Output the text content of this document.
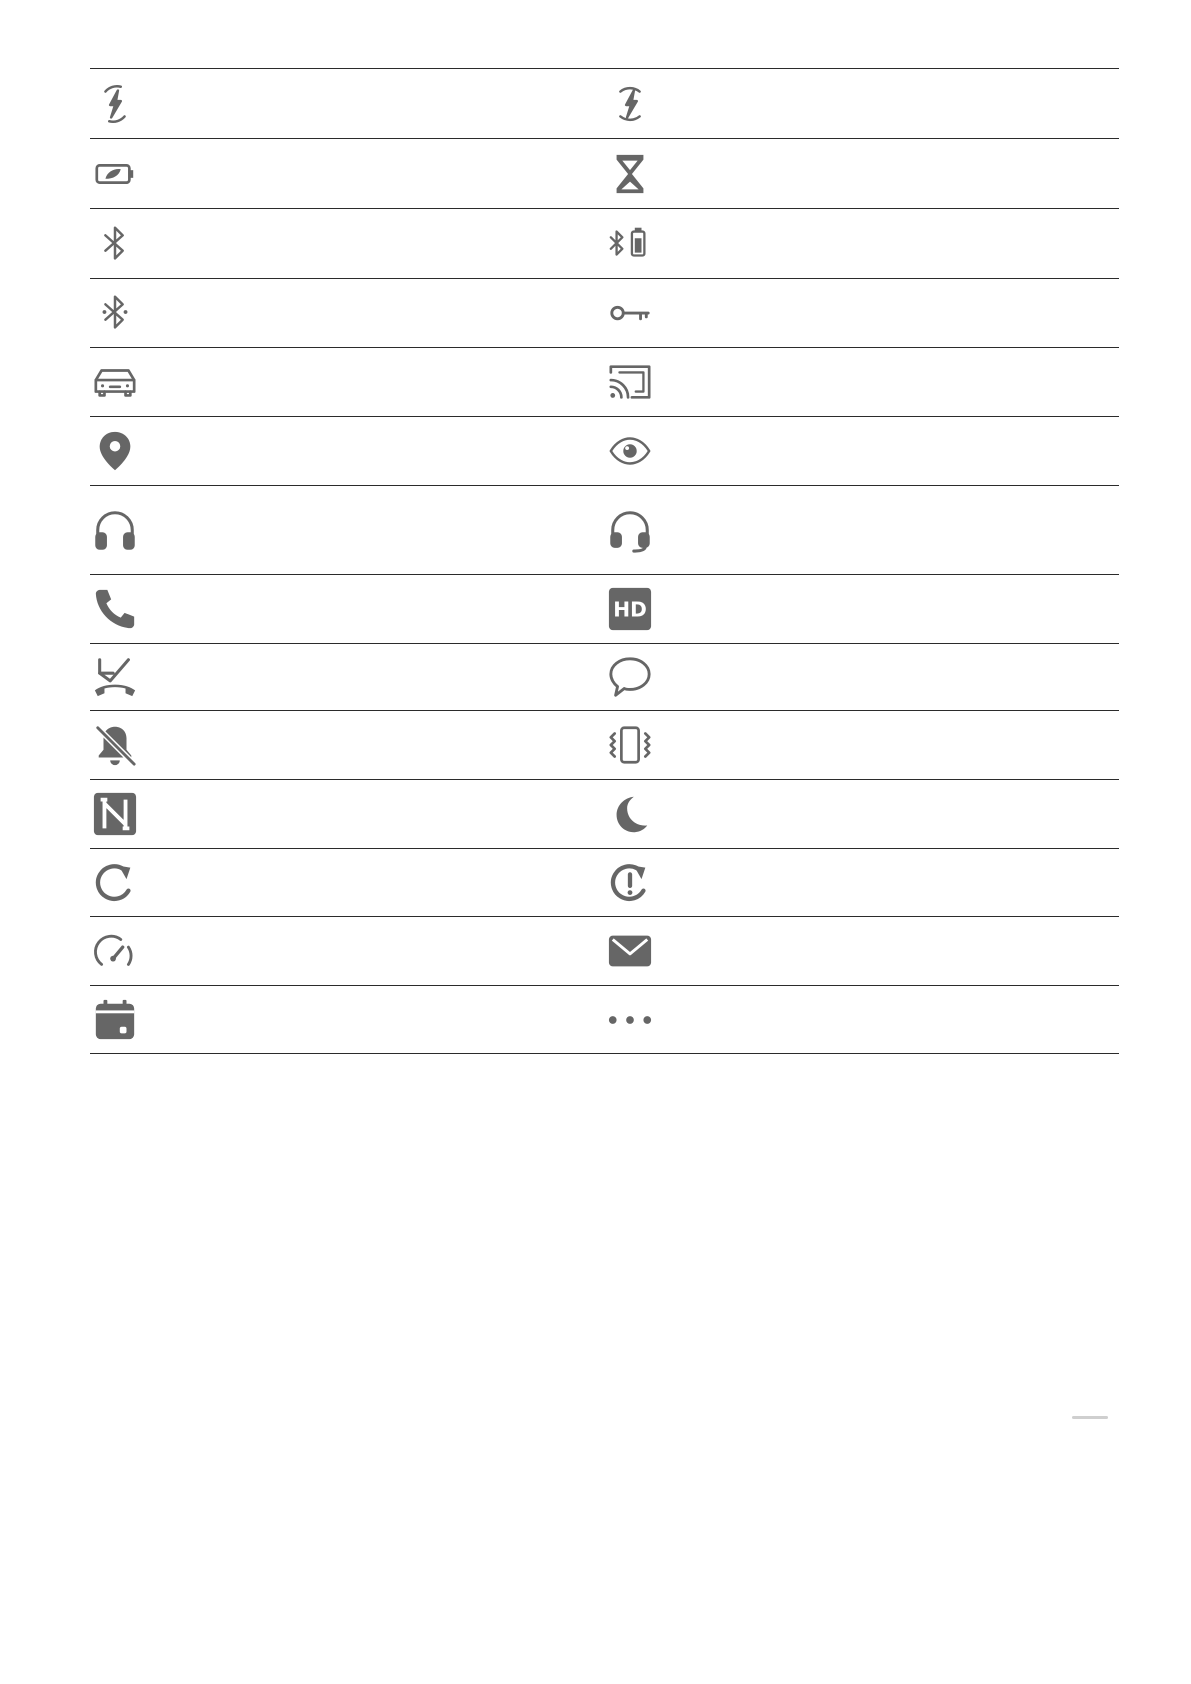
HD
